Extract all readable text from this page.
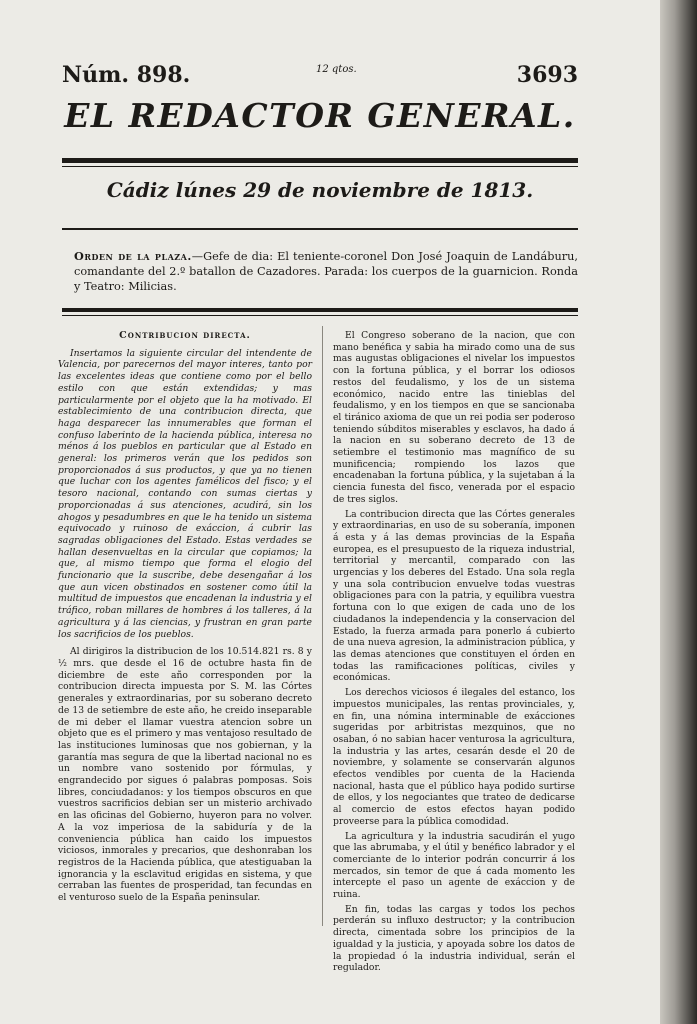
Núm. 898.	12 qtos.	3693
EL REDACTOR GENERAL.
Cádiz lúnes 29 de noviembre de 1813.
Orden de la plaza.—Gefe de dia: El teniente-coronel Don José Joaquin de Landáburu, comandante del 2.º batallon de Cazadores. Parada: los cuerpos de la guarnicion. Ronda y Teatro: Milicias.
Contribucion directa.

Insertamos la siguiente circular del intendente de Valencia, por parecernos del mayor interes, tanto por las excelentes ideas que contiene como por el bello estilo con que están extendidas; y mas particularmente por el objeto que la ha motivado. El establecimiento de una contribucion directa, que haga desparecer las innumerables que forman el confuso laberinto de la hacienda pública, interesa no ménos á los pueblos en particular que al Estado en general: los primeros verán que los pedidos son proporcionados á sus productos, y que ya no tienen que luchar con los agentes famélicos del fisco; y el tesoro nacional, contando con sumas ciertas y proporcionadas á sus atenciones, acudirá, sin los ahogos y pesadumbres en que le ha tenido un sistema equivocado y ruinoso de exáccion, á cubrir las sagradas obligaciones del Estado. Estas verdades se hallan desenvueltas en la circular que copiamos; la que, al mismo tiempo que forma el elogio del funcionario que la suscribe, debe desengañar á los que aun vicen obstinados en sostener como útil la multitud de impuestos que encadenan la industria y el tráfico, roban millares de hombres á los talleres, á la agricultura y á las ciencias, y frustran en gran parte los sacrificios de los pueblos.

Al dirigiros la distribucion de los 10.514.821 rs. 8 y ½ mrs. que desde el 16 de octubre hasta fin de diciembre de este año corresponden por la contribucion directa impuesta por S. M. las Córtes generales y extraordinarias, por su soberano decreto de 13 de setiembre de este año, he creido inseparable de mi deber el llamar vuestra atencion sobre un objeto que es el primero y mas ventajoso resultado de las instituciones luminosas que nos gobiernan, y la garantía mas segura de que la libertad nacional no es un nombre vano sostenido por fórmulas, y engrandecido por sigues ó palabras pomposas. Sois libres, conciudadanos: y los tiempos obscuros en que vuestros sacrificios debian ser un misterio archivado en las oficinas del Gobierno, huyeron para no volver. A la voz imperiosa de la sabiduría y de la conveniencia pública han caido los impuestos viciosos, inmorales y precarios, que deshonraban los registros de la Hacienda pública, que atestiguaban la ignorancia y la esclavitud erigidas en sistema, y que cerraban las fuentes de prosperidad, tan fecundas en el venturoso suelo de la España peninsular.

El Congreso soberano de la nacion, que con mano benéfica y sabia ha mirado como una de sus mas augustas obligaciones el nivelar los impuestos con la fortuna pública, y el borrar los odiosos restos del feudalismo, y los de un sistema económico, nacido entre las tinieblas del feudalismo, y en los tiempos en que se sancionaba el tiránico axioma de que un rei podia ser poderoso teniendo súbditos miserables y esclavos, ha dado á la nacion en su soberano decreto de 13 de setiembre el testimonio mas magnífico de su munificencia; rompiendo los lazos que encadenaban la fortuna pública, y la sujetaban á la ciencia funesta del fisco, venerada por el espacio de tres siglos.

La contribucion directa que las Córtes generales y extraordinarias, en uso de su soberanía, imponen á esta y á las demas provincias de la España europea, es el presupuesto de la riqueza industrial, territorial y mercantil, comparado con las urgencias y los deberes del Estado. Una sola regla y una sola contribucion envuelve todas vuestras obligaciones para con la patria, y equilibra vuestra fortuna con lo que exigen de cada uno de los ciudadanos la independencia y la conservacion del Estado, la fuerza armada para ponerlo á cubierto de una nueva agresion, la administracion pública, y las demas atenciones que constituyen el órden en todas las ramificaciones políticas, civiles y económicas.

Los derechos viciosos é ilegales del estanco, los impuestos municipales, las rentas provinciales, y, en fin, una nómina interminable de exácciones sugeridas por arbitristas mezquinos, que no osaban, ó no sabian hacer venturosa la agricultura, la industria y las artes, cesarán desde el 20 de noviembre, y solamente se conservarán algunos efectos vendibles por cuenta de la Hacienda nacional, hasta que el público haya podido surtirse de ellos, y los negociantes que trateo de dedicarse al comercio de estos efectos hayan podido proveerse para la pública comodidad.

La agricultura y la industria sacudirán el yugo que las abrumaba, y el útil y benéfico labrador y el comerciante de lo interior podrán concurrir á los mercados, sin temor de que á cada momento les intercepte el paso un agente de exáccion y de ruina.

En fin, todas las cargas y todos los pechos perderán su influxo destructor; y la contribucion directa, cimentada sobre los principios de la igualdad y la justicia, y apoyada sobre los datos de la propiedad ó la industria individual, serán el regulador.
